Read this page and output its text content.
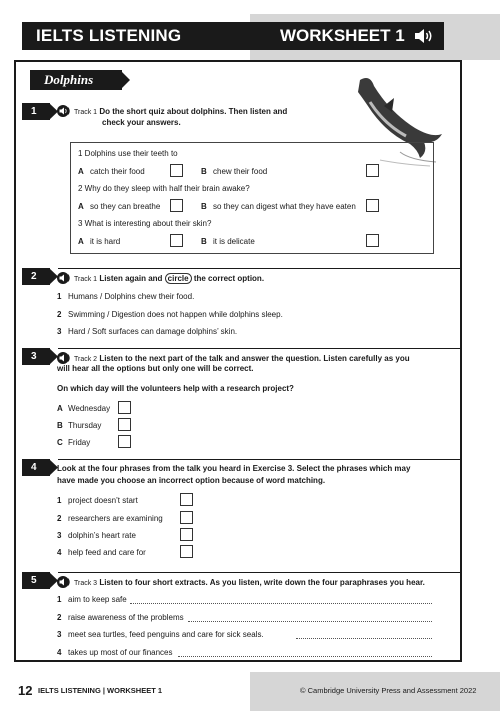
IELTS LISTENING	WORKSHEET 1
Dolphins
1	Track 1 Do the short quiz about dolphins. Then listen and
check your answers.
1 Dolphins use their teeth to
A catch their food	B chew their food
2 Why do they sleep with half their brain awake?
A so they can breathe	B so they can digest what they have eaten
3 What is interesting about their skin?
A it is hard	B it is delicate
2	Track 1 Listen again and circle the correct option.
1 Humans / Dolphins chew their food.
2 Swimming / Digestion does not happen while dolphins sleep.
3 Hard / Soft surfaces can damage dolphins’ skin.
3	Track 2 Listen to the next part of the talk and answer the question. Listen carefully as you
will hear all the options but only one will be correct.
On which day will the volunteers help with a research project?
A Wednesday
B Thursday
C Friday
4	Look at the four phrases from the talk you heard in Exercise 3. Select the phrases which may
have made you choose an incorrect option because of word matching.
1 project doesn’t start
2 researchers are examining
3 dolphin’s heart rate
4 help feed and care for
5	Track 3 Listen to four short extracts. As you listen, write down the four paraphrases you hear.
1 aim to keep safe
2 raise awareness of the problems
3 meet sea turtles, feed penguins and care for sick seals.
4 takes up most of our finances
12 IELTS LISTENING | WORKSHEET 1	© Cambridge University Press and Assessment 2022
